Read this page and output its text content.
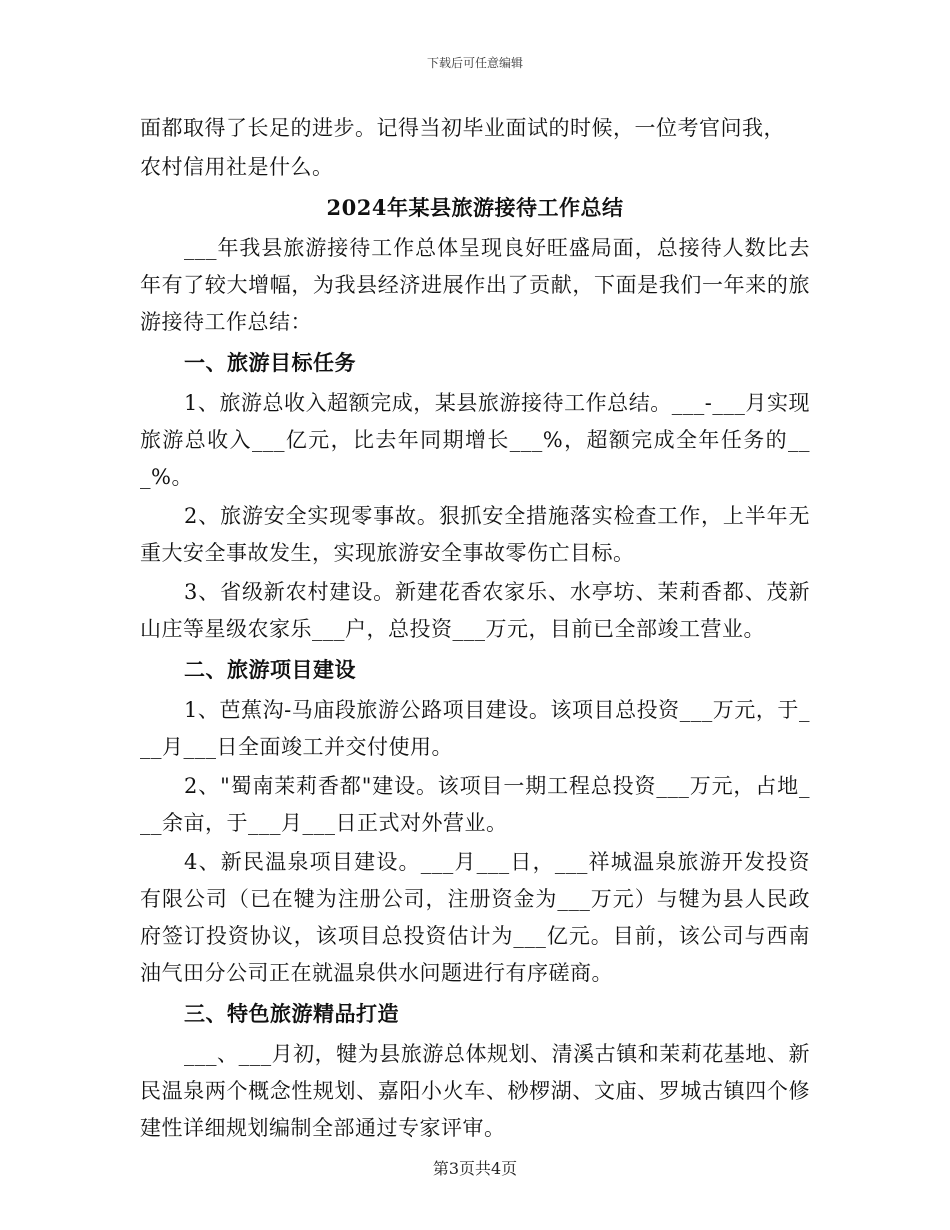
下载后可任意编辑

面都取得了长足的进步。记得当初毕业面试的时候，一位考官问我，

农村信用社是什么。

2024年某县旅游接待工作总结

___年我县旅游接待工作总体呈现良好旺盛局面，总接待人数比去年有了较大增幅，为我县经济进展作出了贡献，下面是我们一年来的旅游接待工作总结：

一、旅游目标任务

1、旅游总收入超额完成，某县旅游接待工作总结。___-___月实现旅游总收入___亿元，比去年同期增长___%，超额完成全年任务的___%。

2、旅游安全实现零事故。狠抓安全措施落实检查工作，上半年无重大安全事故发生，实现旅游安全事故零伤亡目标。

3、省级新农村建设。新建花香农家乐、水亭坊、茉莉香都、茂新山庄等星级农家乐___户，总投资___万元，目前已全部竣工营业。

二、旅游项目建设

1、芭蕉沟-马庙段旅游公路项目建设。该项目总投资___万元，于___月___日全面竣工并交付使用。

2、"蜀南茉莉香都"建设。该项目一期工程总投资___万元，占地___余亩，于___月___日正式对外营业。

4、新民温泉项目建设。___月___日，___祥城温泉旅游开发投资有限公司（已在犍为注册公司，注册资金为___万元）与犍为县人民政府签订投资协议，该项目总投资估计为___亿元。目前，该公司与西南油气田分公司正在就温泉供水问题进行有序磋商。

三、特色旅游精品打造

___、___月初，犍为县旅游总体规划、清溪古镇和茉莉花基地、新民温泉两个概念性规划、嘉阳小火车、桫椤湖、文庙、罗城古镇四个修建性详细规划编制全部通过专家评审。

第3页共4页
